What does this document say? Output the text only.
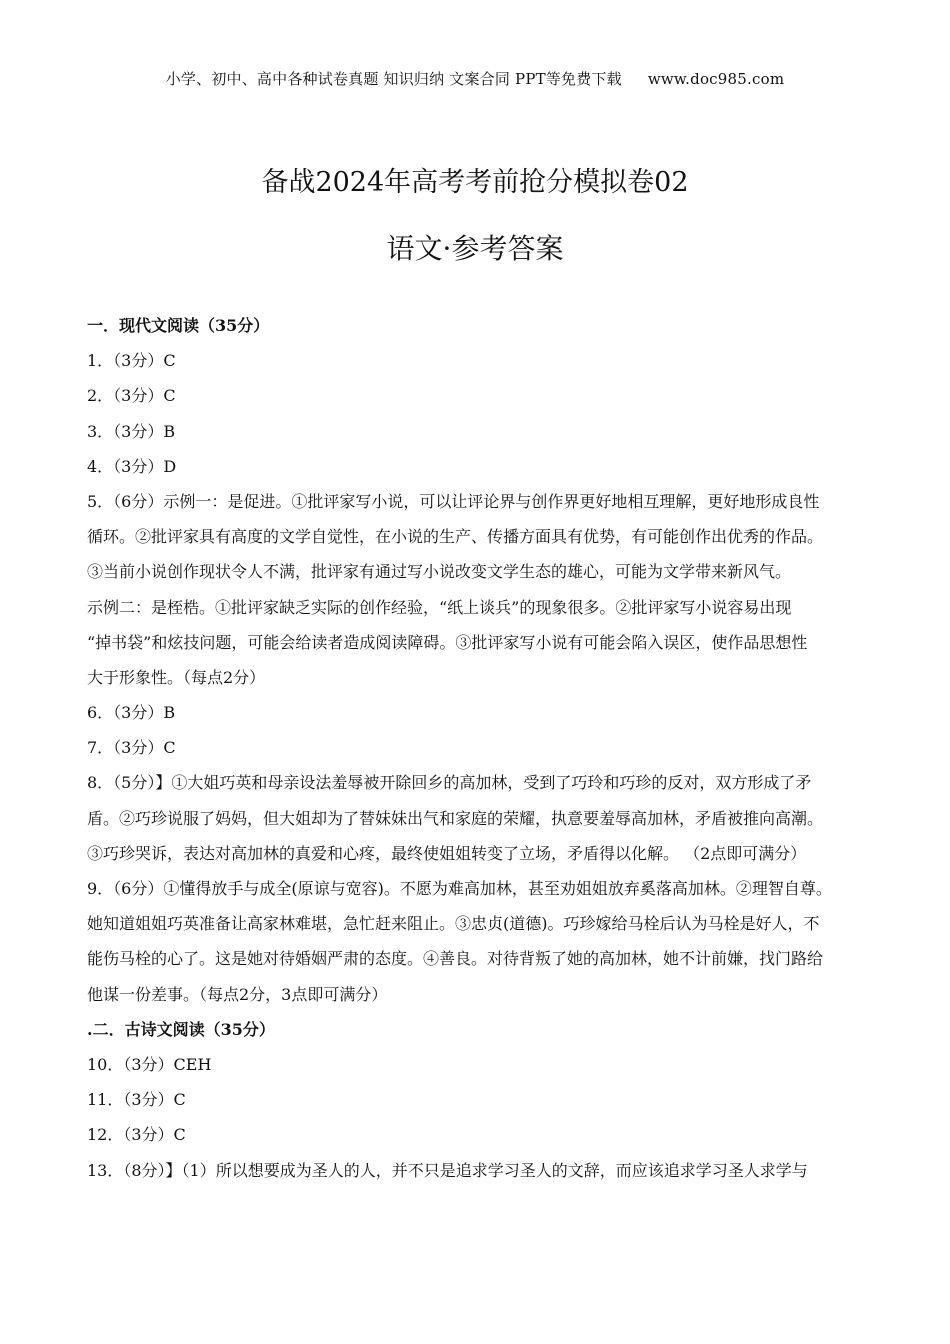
小学、初中、高中各种试卷真题 知识归纳 文案合同 PPT等免费下载 www.doc985.com
备战2024年高考考前抢分模拟卷02
语文·参考答案
一．现代文阅读（35分）
1．（3分）C
2．（3分）C
3．（3分）B
4．（3分）D
5．（6分）示例一：是促进。①批评家写小说，可以让评论界与创作界更好地相互理解，更好地形成良性
循环。②批评家具有高度的文学自觉性，在小说的生产、传播方面具有优势，有可能创作出优秀的作品。
③当前小说创作现状令人不满，批评家有通过写小说改变文学生态的雄心，可能为文学带来新风气。
示例二：是桎梏。①批评家缺乏实际的创作经验，“纸上谈兵”的现象很多。②批评家写小说容易出现
“掉书袋”和炫技问题，可能会给读者造成阅读障碍。③批评家写小说有可能会陷入误区，使作品思想性
大于形象性。（每点2分）
6．（3分）B
7．（3分）C
8．（5分）】①大姐巧英和母亲设法羞辱被开除回乡的高加林，受到了巧玲和巧珍的反对，双方形成了矛
盾。②巧珍说服了妈妈，但大姐却为了替妹妹出气和家庭的荣耀，执意要羞辱高加林，矛盾被推向高潮。
③巧珍哭诉，表达对高加林的真爱和心疼，最终使姐姐转变了立场，矛盾得以化解。 （2点即可满分）
9．（6分）①懂得放手与成全(原谅与宽容)。不愿为难高加林，甚至劝姐姐放弃奚落高加林。②理智自尊。
她知道姐姐巧英准备让高家林难堪，急忙赶来阻止。③忠贞(道德)。巧珍嫁给马栓后认为马栓是好人，不
能伤马栓的心了。这是她对待婚姻严肃的态度。④善良。对待背叛了她的高加林，她不计前嫌，找门路给
他谋一份差事。（每点2分，3点即可满分）
.二．古诗文阅读（35分）
10．（3分）CEH
11．（3分）C
12．（3分）C
13．（8分）】（1）所以想要成为圣人的人，并不只是追求学习圣人的文辞，而应该追求学习圣人求学与
